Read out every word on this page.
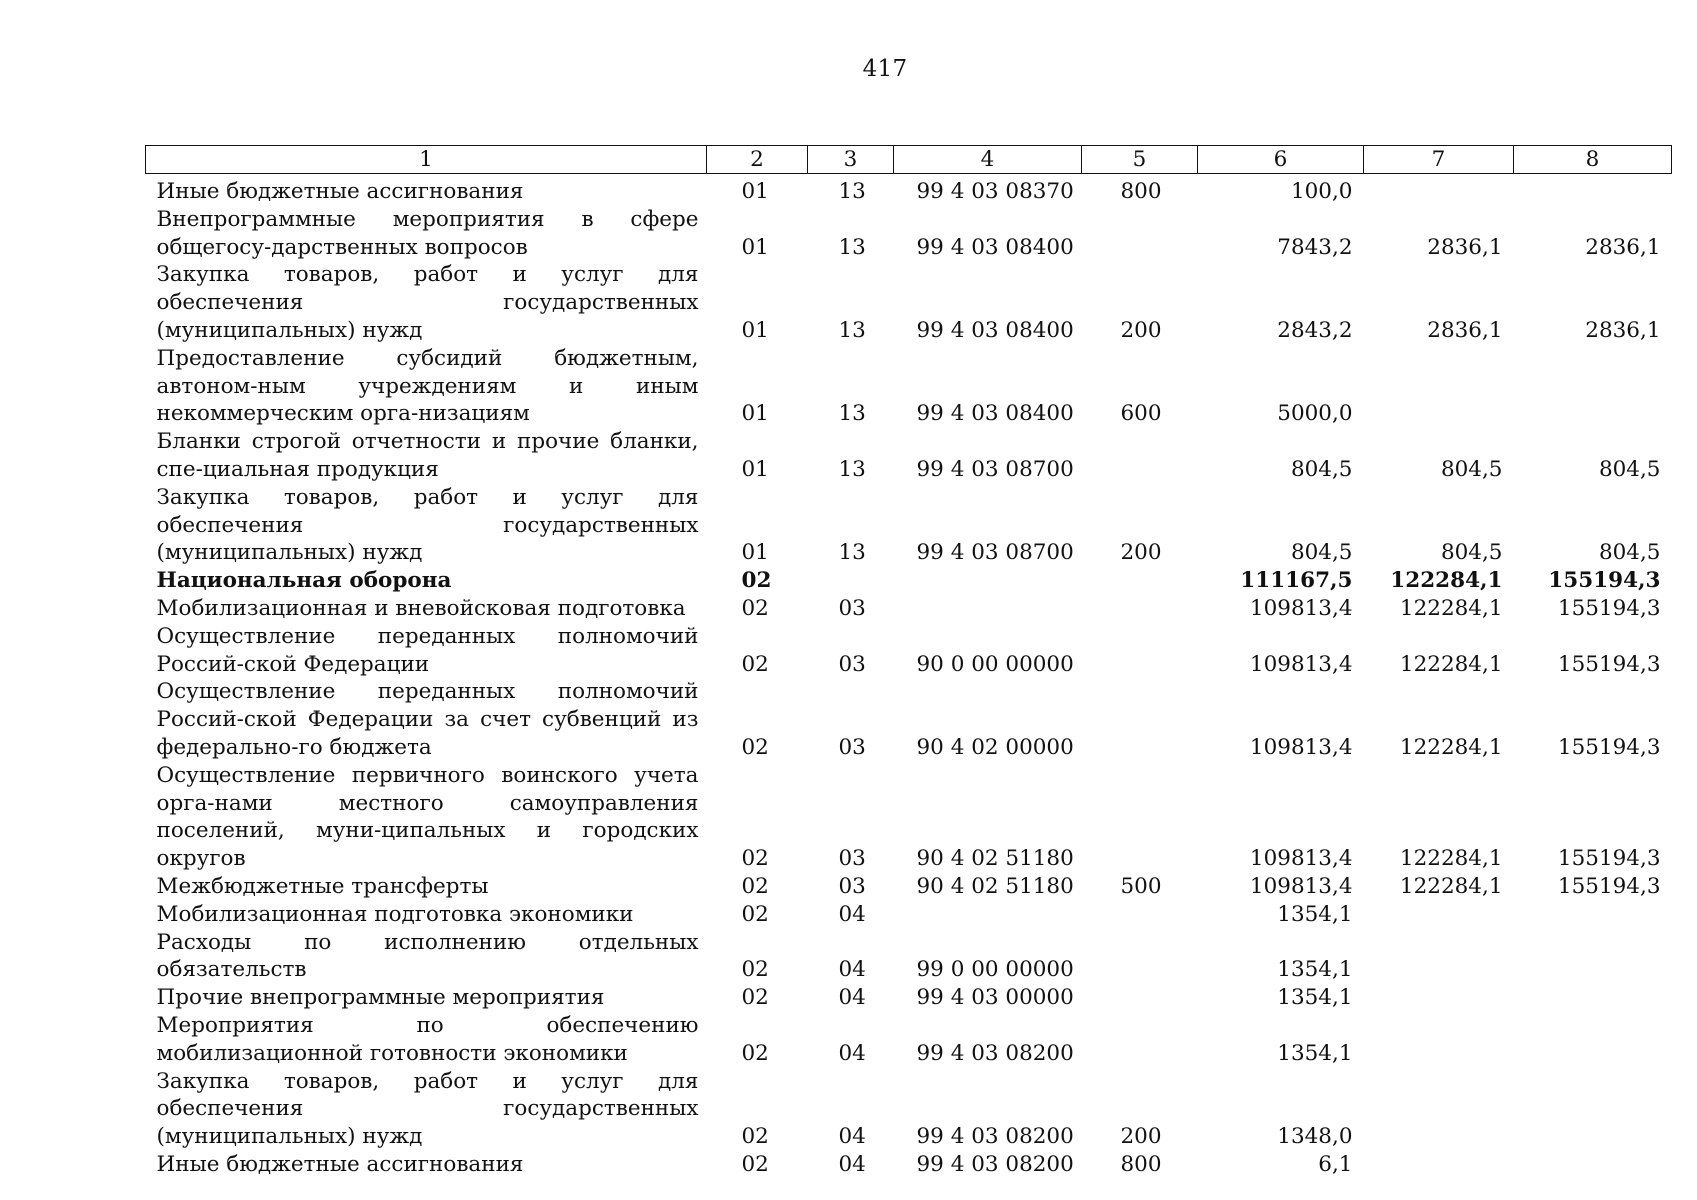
417
1	2	3	4	5	6	7	8
Иные бюджетные ассигнования	01	13	99 4 03 08370	800	100,0		
Внепрограммные мероприятия в сфере общегосу-дарственных вопросов	01	13	99 4 03 08400		7843,2	2836,1	2836,1
Закупка товаров, работ и услуг для обеспечения государственных (муниципальных) нужд	01	13	99 4 03 08400	200	2843,2	2836,1	2836,1
Предоставление субсидий бюджетным, автоном-ным учреждениям и иным некоммерческим орга-низациям	01	13	99 4 03 08400	600	5000,0		
Бланки строгой отчетности и прочие бланки, спе-циальная продукция	01	13	99 4 03 08700		804,5	804,5	804,5
Закупка товаров, работ и услуг для обеспечения государственных (муниципальных) нужд	01	13	99 4 03 08700	200	804,5	804,5	804,5
Национальная оборона	02				111167,5	122284,1	155194,3
Мобилизационная и вневойсковая подготовка	02	03			109813,4	122284,1	155194,3
Осуществление переданных полномочий Россий-ской Федерации	02	03	90 0 00 00000		109813,4	122284,1	155194,3
Осуществление переданных полномочий Россий-ской Федерации за счет субвенций из федерально-го бюджета	02	03	90 4 02 00000		109813,4	122284,1	155194,3
Осуществление первичного воинского учета орга-нами местного самоуправления поселений, муни-ципальных и городских округов	02	03	90 4 02 51180		109813,4	122284,1	155194,3
Межбюджетные трансферты	02	03	90 4 02 51180	500	109813,4	122284,1	155194,3
Мобилизационная подготовка экономики	02	04			1354,1		
Расходы по исполнению отдельных обязательств	02	04	99 0 00 00000		1354,1		
Прочие внепрограммные мероприятия	02	04	99 4 03 00000		1354,1		
Мероприятия по обеспечению мобилизационной готовности экономики	02	04	99 4 03 08200		1354,1		
Закупка товаров, работ и услуг для обеспечения государственных (муниципальных) нужд	02	04	99 4 03 08200	200	1348,0		
Иные бюджетные ассигнования	02	04	99 4 03 08200	800	6,1		
